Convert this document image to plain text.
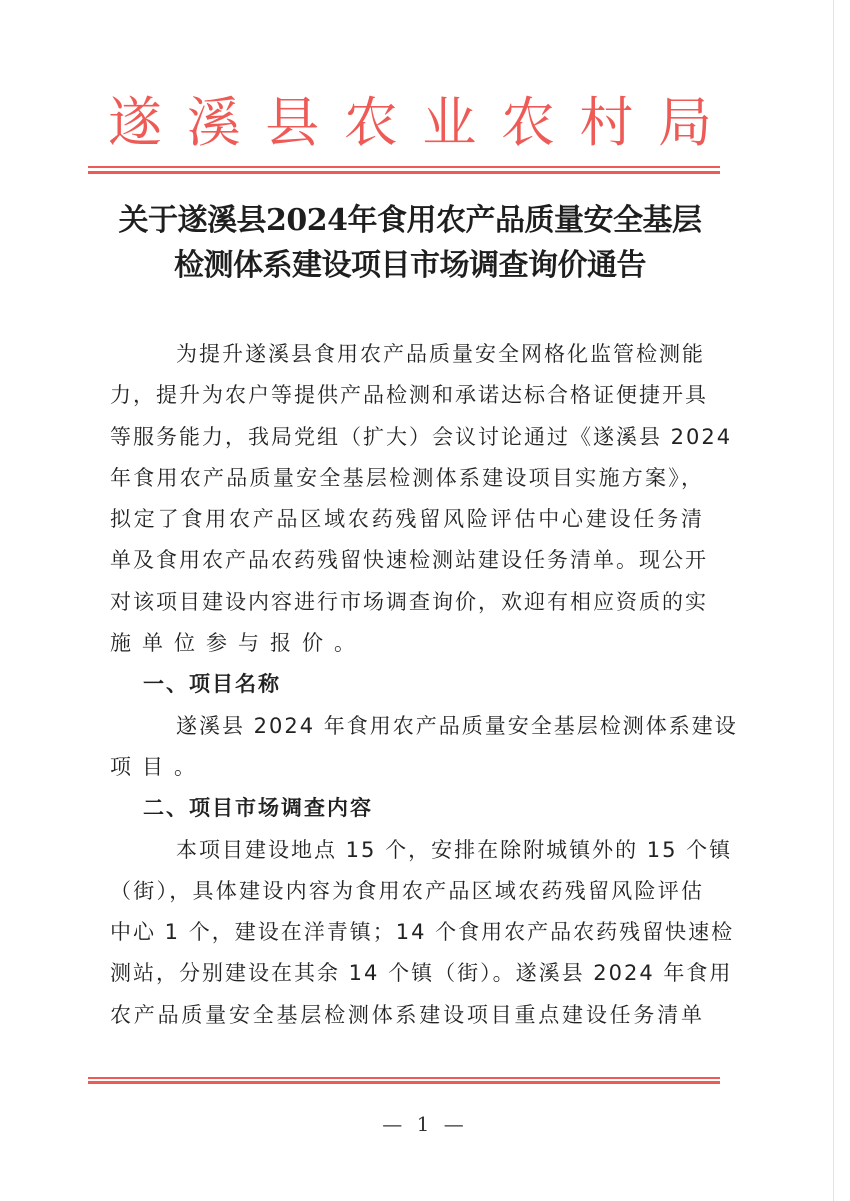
遂 溪 县 农 业 农 村 局
关于遂溪县2024年食用农产品质量安全基层
检测体系建设项目市场调查询价通告
为提升遂溪县食用农产品质量安全网格化监管检测能
力，提升为农户等提供产品检测和承诺达标合格证便捷开具
等服务能力，我局党组（扩大）会议讨论通过《遂溪县 2024
年食用农产品质量安全基层检测体系建设项目实施方案》，
拟定了食用农产品区域农药残留风险评估中心建设任务清
单及食用农产品农药残留快速检测站建设任务清单。现公开
对该项目建设内容进行市场调查询价，欢迎有相应资质的实
施单位参与报价。
一、项目名称
遂溪县 2024 年食用农产品质量安全基层检测体系建设
项目。
二、项目市场调查内容
本项目建设地点 15 个，安排在除附城镇外的 15 个镇
（街），具体建设内容为食用农产品区域农药残留风险评估
中心 1 个，建设在洋青镇；14 个食用农产品农药残留快速检
测站，分别建设在其余 14 个镇（街）。遂溪县 2024 年食用
农产品质量安全基层检测体系建设项目重点建设任务清单
— 1 —
